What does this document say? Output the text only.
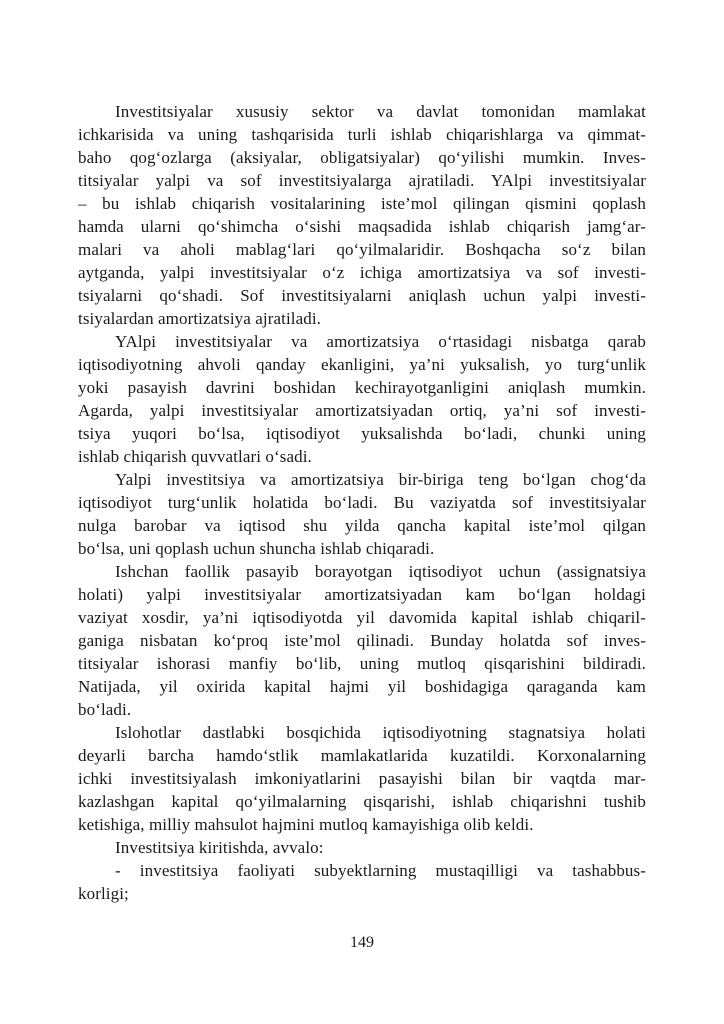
Investitsiyalar xususiy sektor va davlat tomonidan mamlakat
ichkarisida va uning tashqarisida turli ishlab chiqarishlarga va qimmat-
baho qogʻozlarga (aksiyalar, obligatsiyalar) qoʻyilishi mumkin. Inves-
titsiyalar yalpi va sof investitsiyalarga ajratiladi. YAlpi investitsiyalar
– bu ishlab chiqarish vositalarining iste’mol qilingan qismini qoplash
hamda ularni qoʻshimcha oʻsishi maqsadida ishlab chiqarish jamgʻar-
malari va aholi mablagʻlari qoʻyilmalaridir. Boshqacha soʻz bilan
aytganda, yalpi investitsiyalar oʻz ichiga amortizatsiya va sof investi-
tsiyalarni qoʻshadi. Sof investitsiyalarni aniqlash uchun yalpi investi-
tsiyalardan amortizatsiya ajratiladi.
YAlpi investitsiyalar va amortizatsiya oʻrtasidagi nisbatga qarab
iqtisodiyotning ahvoli qanday ekanligini, ya’ni yuksalish, yo turgʻunlik
yoki pasayish davrini boshidan kechirayotganligini aniqlash mumkin.
Agarda, yalpi investitsiyalar amortizatsiyadan ortiq, ya’ni sof investi-
tsiya yuqori boʻlsa, iqtisodiyot yuksalishda boʻladi, chunki uning
ishlab chiqarish quvvatlari oʻsadi.
Yalpi investitsiya va amortizatsiya bir-biriga teng boʻlgan chogʻda
iqtisodiyot turgʻunlik holatida boʻladi. Bu vaziyatda sof investitsiyalar
nulga barobar va iqtisod shu yilda qancha kapital iste’mol qilgan
boʻlsa, uni qoplash uchun shuncha ishlab chiqaradi.
Ishchan faollik pasayib borayotgan iqtisodiyot uchun (assignatsiya
holati) yalpi investitsiyalar amortizatsiyadan kam boʻlgan holdagi
vaziyat xosdir, ya’ni iqtisodiyotda yil davomida kapital ishlab chiqaril-
ganiga nisbatan koʻproq iste’mol qilinadi. Bunday holatda sof inves-
titsiyalar ishorasi manfiy boʻlib, uning mutloq qisqarishini bildiradi.
Natijada, yil oxirida kapital hajmi yil boshidagiga qaraganda kam
boʻladi.
Islohotlar dastlabki bosqichida iqtisodiyotning stagnatsiya holati
deyarli barcha hamdoʻstlik mamlakatlarida kuzatildi. Korxonalarning
ichki investitsiyalash imkoniyatlarini pasayishi bilan bir vaqtda mar-
kazlashgan kapital qoʻyilmalarning qisqarishi, ishlab chiqarishni tushib
ketishiga, milliy mahsulot hajmini mutloq kamayishiga olib keldi.
Investitsiya kiritishda, avvalo:
- investitsiya faoliyati subyektlarning mustaqilligi va tashabbus-
korligi;
149
